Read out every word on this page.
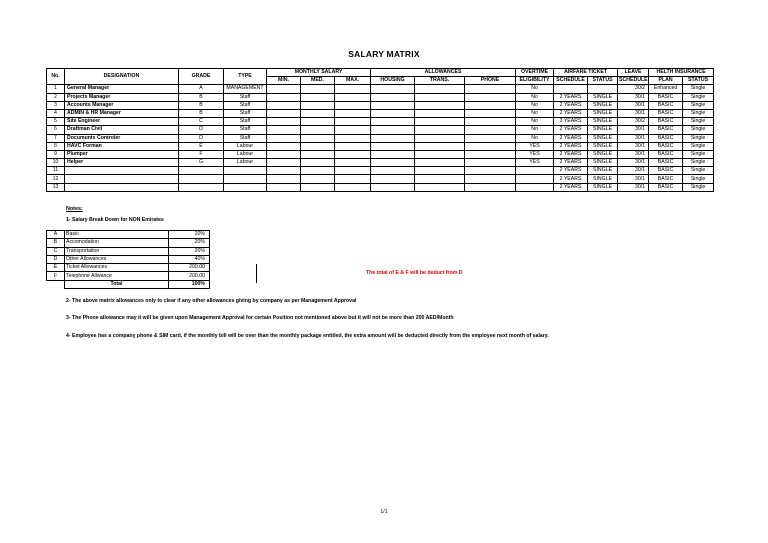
SALARY MATRIX
No.	DESIGNATION	GRADE	TYPE	MONTHLY SALARY			ALLOWANCES			OVERTIME	AIRFARE TICKET		LEAVE	HELTH INSURANCE	
				MIN.	MED.	MAX.	HOUSING	TRANS.	PHONE	ELIGIBILITY	SCHEDULE	STATUS	SCHEDULE	PLAN	STATUS
1	General Manager	A	MANAGEMENT							No			30/2	Enhanced	Single
2	Projects Manager	B	Staff							No	2 YEARS	SINGLE	30/1	BASIC	Single
3	Accounts Manager	B	Staff							No	2 YEARS	SINGLE	30/1	BASIC	Single
4	ADMIN & HR Manager	B	Staff							No	2 YEARS	SINGLE	30/1	BASIC	Single
5	Site Engineer	C	Staff							No	3 YEARS	SINGLE	30/2	BASIC	Single
6	Draftman Civil	D	Staff							No	2 YEARS	SINGLE	30/1	BASIC	Single
7	Documunts Controler	D	Staff							No	2 YEARS	SINGLE	30/1	BASIC	Single
8	HAVC Forman	E	Labour							YES	2 YEARS	SINGLE	30/1	BASIC	Single
9	Plumper	F	Labour							YES	2 YEARS	SINGLE	30/1	BASIC	Single
10	Helper	G	Labour							YES	2 YEARS	SINGLE	30/1	BASIC	Single
11											2 YEARS	SINGLE	30/1	BASIC	Single
12											2 YEARS	SINGLE	30/1	BASIC	Single
13											2 YEARS	SINGLE	30/1	BASIC	Single
Notes:
1- Salary Break Down for NON Emirates
A	Basic	20%
B	Accomodation	20%
C	Transportation	20%
D	Other Allowances	40%
E	Ticket Allowances	200.00
F	Telephone Allwance	200.00
	Total	100%
The total of E & F will be deduct from D
2- The above matrix allowances only to clear if any other allowances giving by company as per Management Approval
3- The Phone allowance may it will be given upon Management Approval for certain Position not mentioned above but it will not be more than 200 AED/Month
4- Employee has a company phone & SIM card, if the monthly bill will be over than the monthly package entitled, the extra amount will be deducted directly from the employee next month of salary.
1/1
